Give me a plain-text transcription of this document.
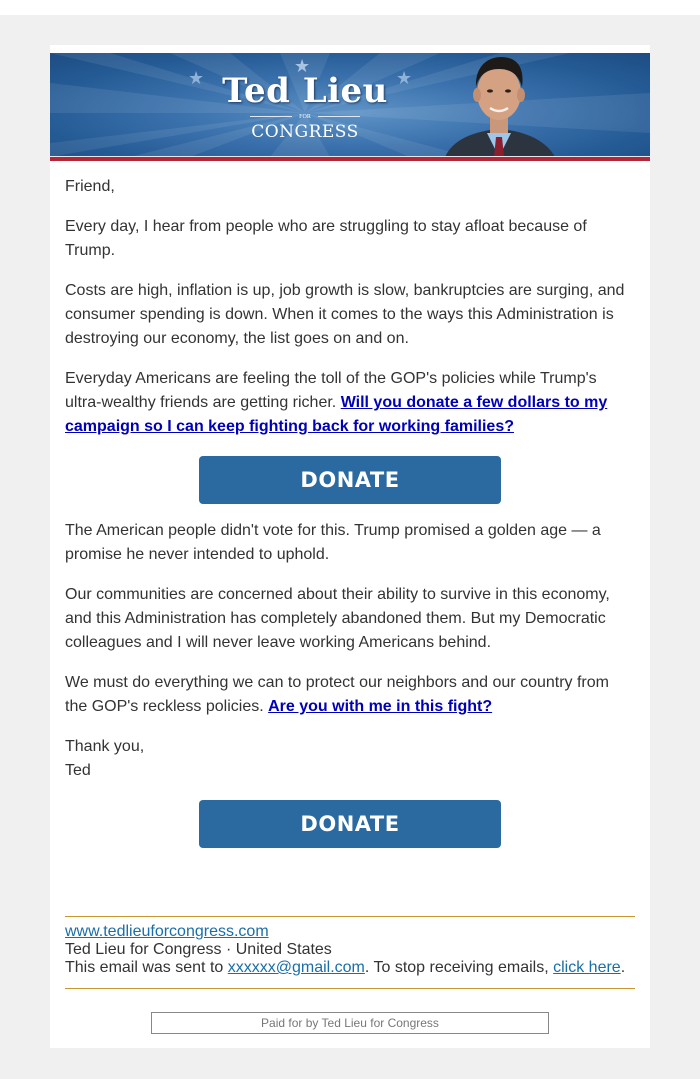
★
★
★
Ted Lieu
FOR
CONGRESS

Friend,

Every day, I hear from people who are struggling to stay afloat because of Trump.

Costs are high, inflation is up, job growth is slow, bankruptcies are surging, and consumer spending is down. When it comes to the ways this Administration is destroying our economy, the list goes on and on.

Everyday Americans are feeling the toll of the GOP's policies while Trump's ultra-wealthy friends are getting richer. Will you donate a few dollars to my campaign so I can keep fighting back for working families?

DONATE

The American people didn't vote for this. Trump promised a golden age — a promise he never intended to uphold.

Our communities are concerned about their ability to survive in this economy, and this Administration has completely abandoned them. But my Democratic colleagues and I will never leave working Americans behind.

We must do everything we can to protect our neighbors and our country from the GOP's reckless policies. Are you with me in this fight?

Thank you,

Ted

DONATE
www.tedlieuforcongress.com
Ted Lieu for Congress · United States
This email was sent to xxxxxx@gmail.com. To stop receiving emails, click here.
Paid for by Ted Lieu for Congress
